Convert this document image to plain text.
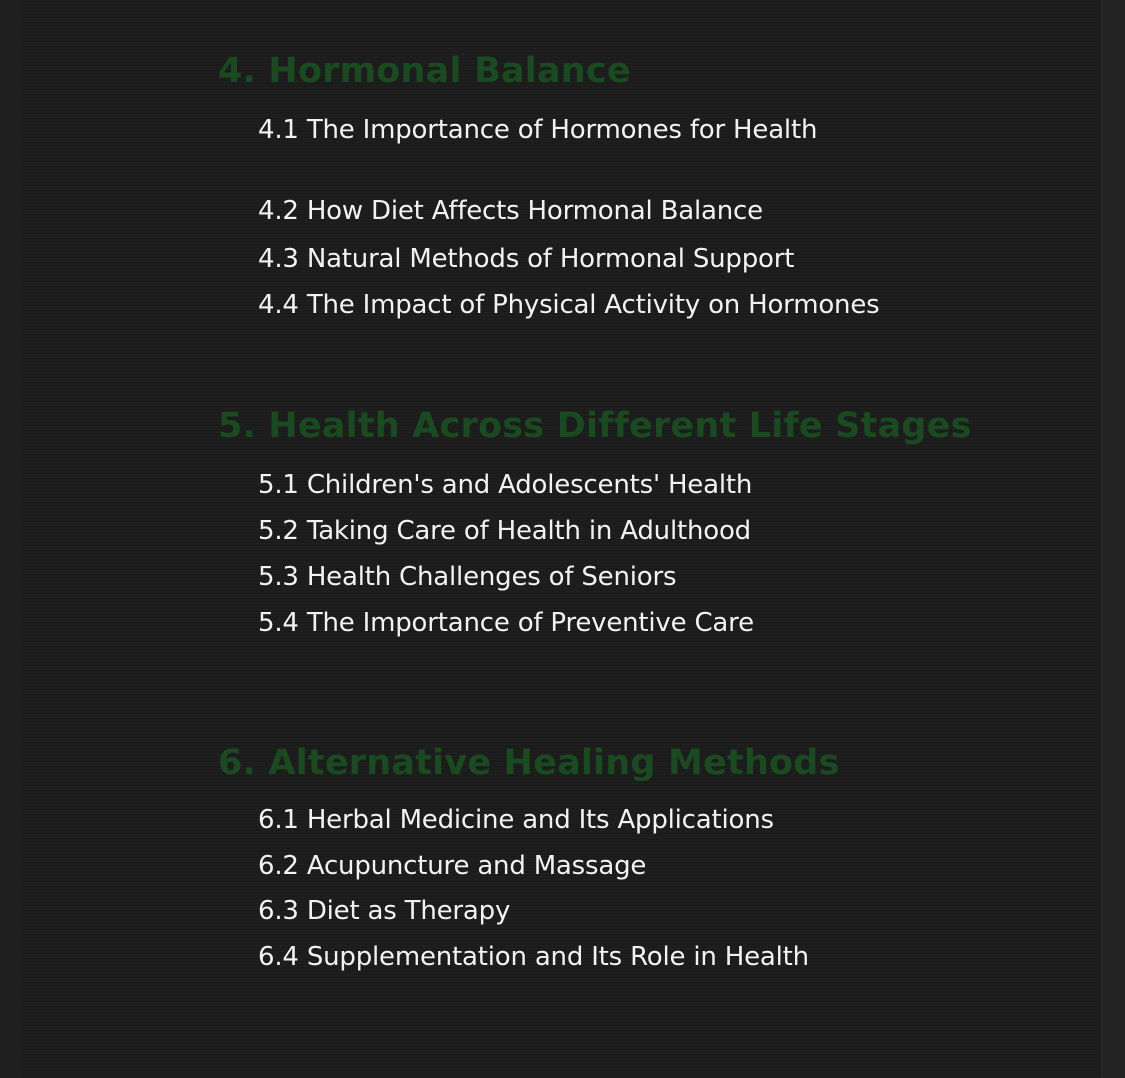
4. Hormonal Balance

4.1 The Importance of Hormones for Health

4.2 How Diet Affects Hormonal Balance

4.3 Natural Methods of Hormonal Support

4.4 The Impact of Physical Activity on Hormones

5. Health Across Different Life Stages

5.1 Children's and Adolescents' Health

5.2 Taking Care of Health in Adulthood

5.3 Health Challenges of Seniors

5.4 The Importance of Preventive Care

6. Alternative Healing Methods

6.1 Herbal Medicine and Its Applications

6.2 Acupuncture and Massage

6.3 Diet as Therapy

6.4 Supplementation and Its Role in Health
